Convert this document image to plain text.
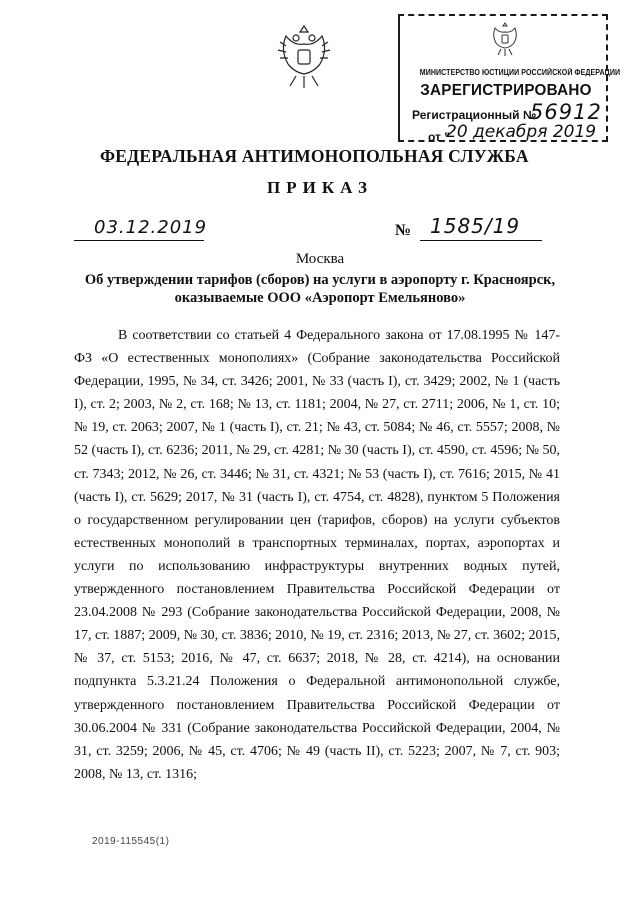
МИНИСТЕРСТВО ЮСТИЦИИ РОССИЙСКОЙ ФЕДЕРАЦИИ
ЗАРЕГИСТРИРОВАНО
Регистрационный №
56912
от "
20 декабря 2019
ФЕДЕРАЛЬНАЯ АНТИМОНОПОЛЬНАЯ СЛУЖБА
ПРИКАЗ
03.12.2019	№ 1585/19
Москва
Об утверждении тарифов (сборов) на услуги в аэропорту г. Красноярск, оказываемые ООО «Аэропорт Емельяново»
В соответствии со статьей 4 Федерального закона от 17.08.1995 № 147-ФЗ «О естественных монополиях» (Собрание законодательства Российской Федерации, 1995, № 34, ст. 3426; 2001, № 33 (часть I), ст. 3429; 2002, № 1 (часть I), ст. 2; 2003, № 2, ст. 168; № 13, ст. 1181; 2004, № 27, ст. 2711; 2006, № 1, ст. 10; № 19, ст. 2063; 2007, № 1 (часть I), ст. 21; № 43, ст. 5084; № 46, ст. 5557; 2008, № 52 (часть I), ст. 6236; 2011, № 29, ст. 4281; № 30 (часть I), ст. 4590, ст. 4596; № 50, ст. 7343; 2012, № 26, ст. 3446; № 31, ст. 4321; № 53 (часть I), ст. 7616; 2015, № 41 (часть I), ст. 5629; 2017, № 31 (часть I), ст. 4754, ст. 4828), пунктом 5 Положения о государственном регулировании цен (тарифов, сборов) на услуги субъектов естественных монополий в транспортных терминалах, портах, аэропортах и услуги по использованию инфраструктуры внутренних водных путей, утвержденного постановлением Правительства Российской Федерации от 23.04.2008 № 293 (Собрание законодательства Российской Федерации, 2008, № 17, ст. 1887; 2009, № 30, ст. 3836; 2010, № 19, ст. 2316; 2013, № 27, ст. 3602; 2015, № 37, ст. 5153; 2016, № 47, ст. 6637; 2018, № 28, ст. 4214), на основании подпункта 5.3.21.24 Положения о Федеральной антимонопольной службе, утвержденного постановлением Правительства Российской Федерации от 30.06.2004 № 331 (Собрание законодательства Российской Федерации, 2004, № 31, ст. 3259; 2006, № 45, ст. 4706; № 49 (часть II), ст. 5223; 2007, № 7, ст. 903; 2008, № 13, ст. 1316;
2019-115545(1)
